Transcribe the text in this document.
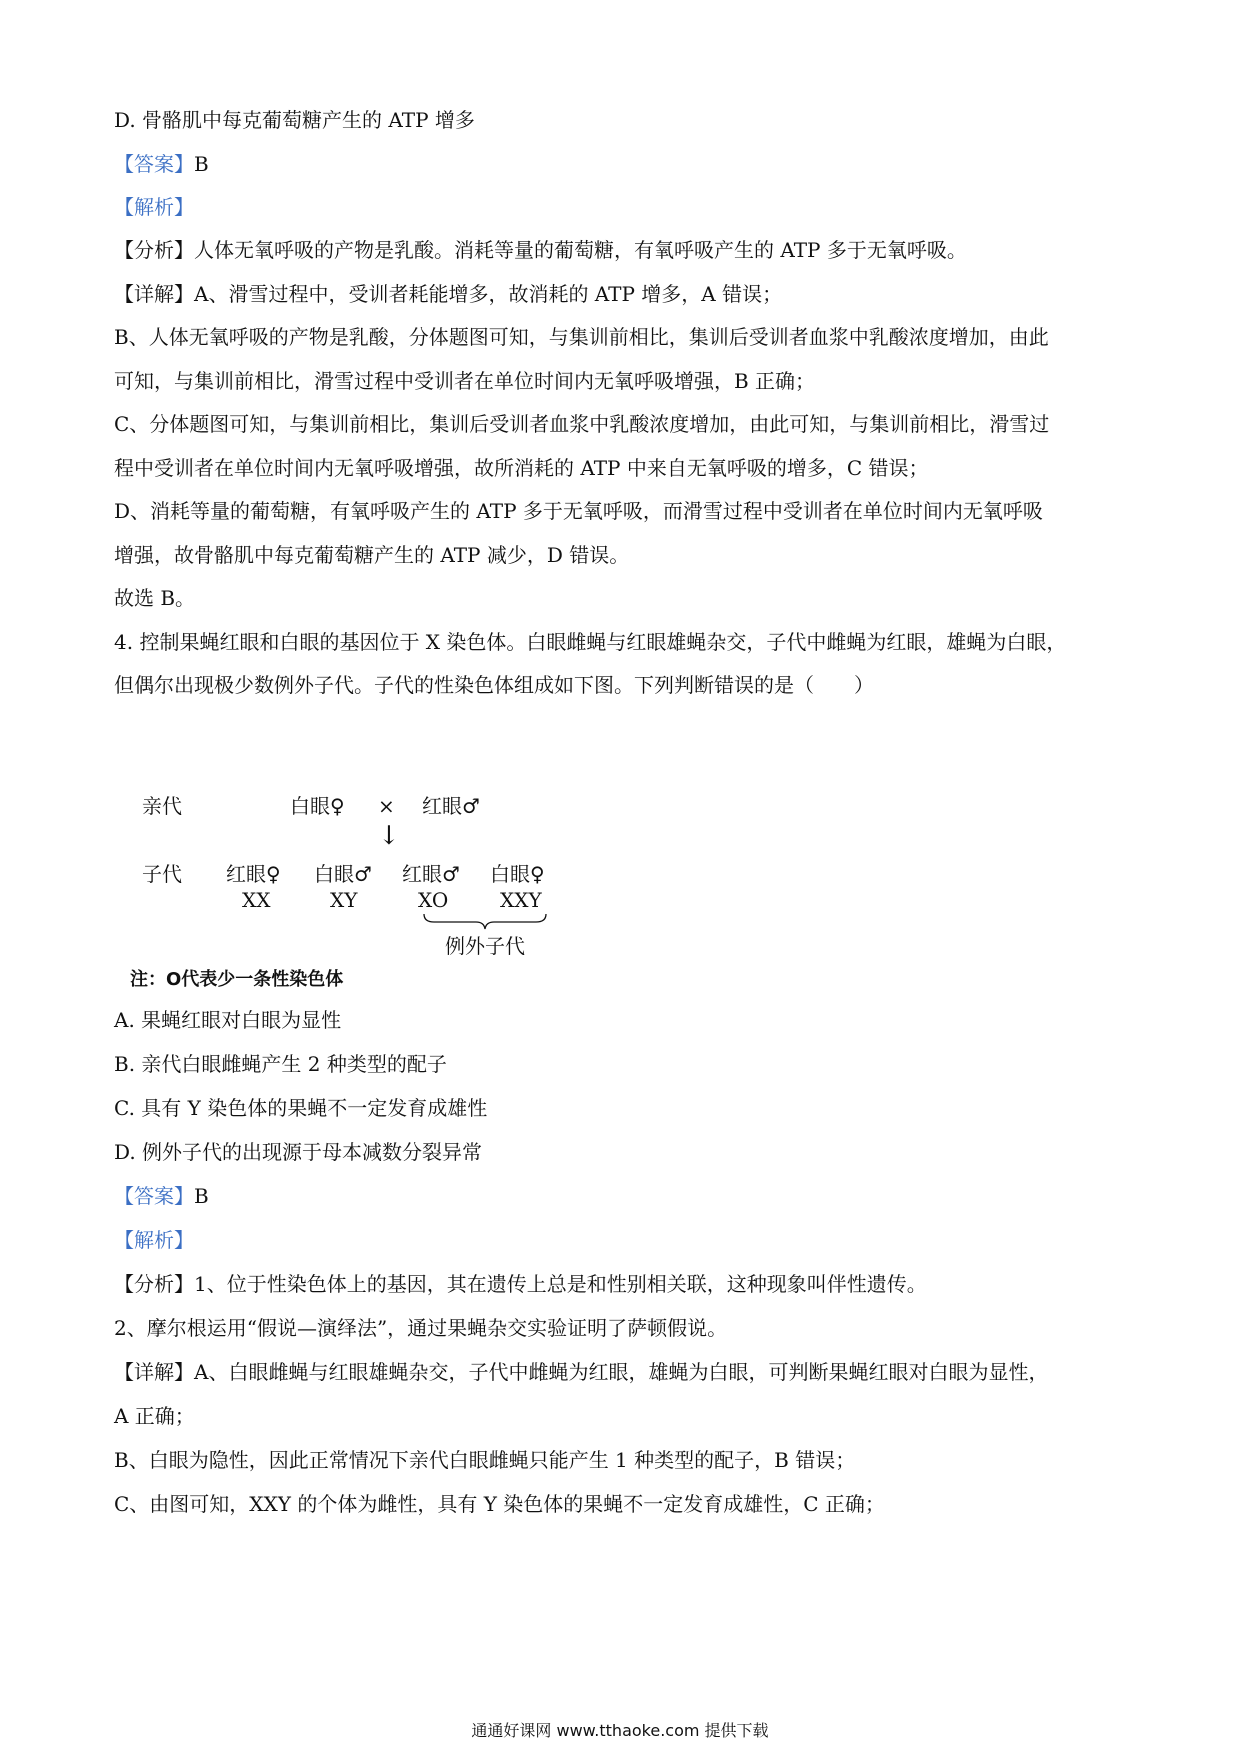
D. 骨骼肌中每克葡萄糖产生的 ATP 增多
【答案】B
【解析】
【分析】人体无氧呼吸的产物是乳酸。消耗等量的葡萄糖，有氧呼吸产生的 ATP 多于无氧呼吸。
【详解】A、滑雪过程中，受训者耗能增多，故消耗的 ATP 增多，A 错误；
B、人体无氧呼吸的产物是乳酸，分体题图可知，与集训前相比，集训后受训者血浆中乳酸浓度增加，由此
可知，与集训前相比，滑雪过程中受训者在单位时间内无氧呼吸增强，B 正确；
C、分体题图可知，与集训前相比，集训后受训者血浆中乳酸浓度增加，由此可知，与集训前相比，滑雪过
程中受训者在单位时间内无氧呼吸增强，故所消耗的 ATP 中来自无氧呼吸的增多，C 错误；
D、消耗等量的葡萄糖，有氧呼吸产生的 ATP 多于无氧呼吸，而滑雪过程中受训者在单位时间内无氧呼吸
增强，故骨骼肌中每克葡萄糖产生的 ATP 减少，D 错误。
故选 B。
4. 控制果蝇红眼和白眼的基因位于 X 染色体。白眼雌蝇与红眼雄蝇杂交，子代中雌蝇为红眼，雄蝇为白眼，
但偶尔出现极少数例外子代。子代的性染色体组成如下图。下列判断错误的是（　　）
亲代	白眼♀ × 红眼♂
↓
子代 红眼♀
XX
白眼♂
XY
红眼♂
XO
白眼♀
XXY
例外子代
注：O代表少一条性染色体
A. 果蝇红眼对白眼为显性
B. 亲代白眼雌蝇产生 2 种类型的配子
C. 具有 Y 染色体的果蝇不一定发育成雄性
D. 例外子代的出现源于母本减数分裂异常
【答案】B
【解析】
【分析】1、位于性染色体上的基因，其在遗传上总是和性别相关联，这种现象叫伴性遗传。
2、摩尔根运用“假说—演绎法”，通过果蝇杂交实验证明了萨顿假说。
【详解】A、白眼雌蝇与红眼雄蝇杂交，子代中雌蝇为红眼，雄蝇为白眼，可判断果蝇红眼对白眼为显性，
A 正确；
B、白眼为隐性，因此正常情况下亲代白眼雌蝇只能产生 1 种类型的配子，B 错误；
C、由图可知，XXY 的个体为雌性，具有 Y 染色体的果蝇不一定发育成雄性，C 正确；
通通好课网 www.tthaoke.com 提供下载
